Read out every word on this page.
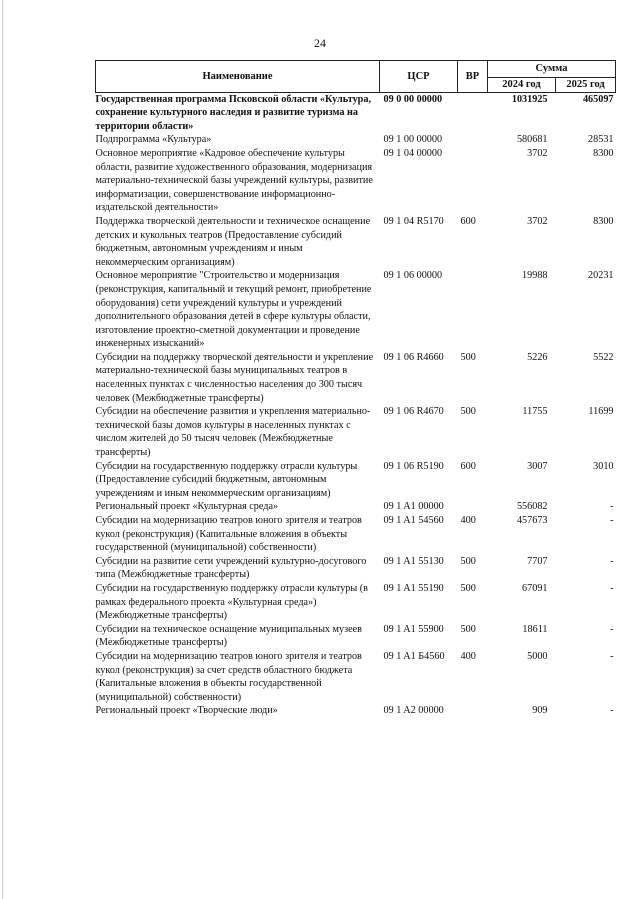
24
Наименование	ЦСР	ВР	Сумма	
			2024 год	2025 год
Государственная программа Псковской области «Культура, сохранение культурного наследия и развитие туризма на территории области»	09 0 00 00000		1031925	465097
Подпрограмма «Культура»	09 1 00 00000		580681	28531
Основное мероприятие «Кадровое обеспечение культуры области, развитие художественного образования, модернизация материально-технической базы учреждений культуры, развитие информатизации, совершенствование информационно-издательской деятельности»	09 1 04 00000		3702	8300
Поддержка творческой деятельности и техническое оснащение детских и кукольных театров (Предоставление субсидий бюджетным, автономным учреждениям и иным некоммерческим организациям)	09 1 04 R5170	600	3702	8300
Основное мероприятие "Строительство и модернизация (реконструкция, капитальный и текущий ремонт, приобретение оборудования) сети учреждений культуры и учреждений дополнительного образования детей в сфере культуры области, изготовление проектно-сметной документации и проведение инженерных изысканий»	09 1 06 00000		19988	20231
Субсидии на поддержку творческой деятельности и укрепление материально-технической базы муниципальных театров в населенных пунктах с численностью населения до 300 тысяч человек (Межбюджетные трансферты)	09 1 06 R4660	500	5226	5522
Субсидии на обеспечение развития и укрепления материально-технической базы домов культуры в населенных пунктах с числом жителей до 50 тысяч человек (Межбюджетные трансферты)	09 1 06 R4670	500	11755	11699
Субсидии на государственную поддержку отрасли культуры (Предоставление субсидий бюджетным, автономным учреждениям и иным некоммерческим организациям)	09 1 06 R5190	600	3007	3010
Региональный проект «Культурная среда»	09 1 A1 00000		556082	-
Субсидии на модернизацию театров юного зрителя и театров кукол (реконструкция) (Капитальные вложения в объекты государственной (муниципальной) собственности)	09 1 A1 54560	400	457673	-
Субсидии на развитие сети учреждений культурно-досугового типа (Межбюджетные трансферты)	09 1 A1 55130	500	7707	-
Субсидии на государственную поддержку отрасли культуры (в рамках федерального проекта «Культурная среда») (Межбюджетные трансферты)	09 1 A1 55190	500	67091	-
Субсидии на техническое оснащение муниципальных музеев (Межбюджетные трансферты)	09 1 A1 55900	500	18611	-
Субсидии на модернизацию театров юного зрителя и театров кукол (реконструкция) за счет средств областного бюджета (Капитальные вложения в объекты государственной (муниципальной) собственности)	09 1 A1 Б4560	400	5000	-
Региональный проект «Творческие люди»	09 1 A2 00000		909	-
